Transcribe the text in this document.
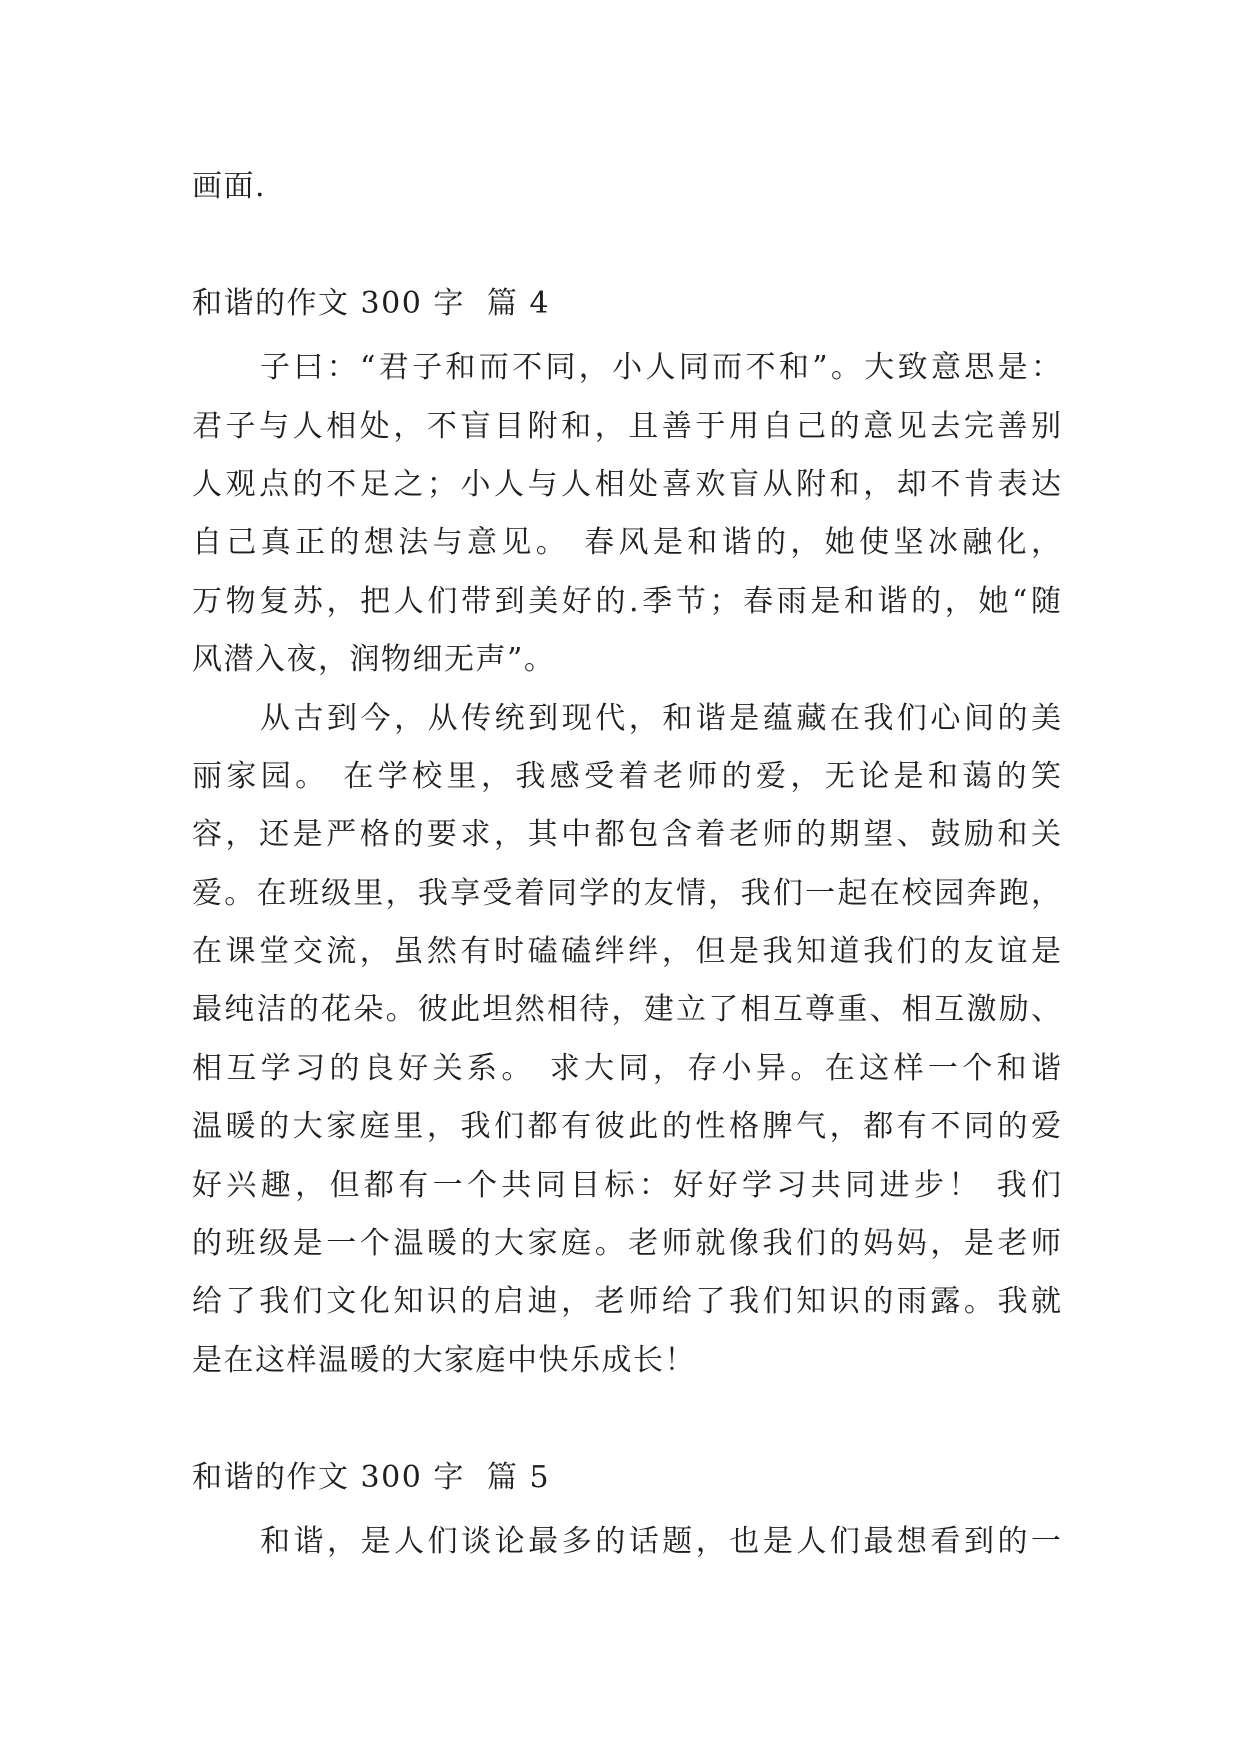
画面.
和谐的作文 300 字  篇 4
子曰：“君子和而不同，小人同而不和”。大致意思是：
君子与人相处，不盲目附和，且善于用自己的意见去完善别
人观点的不足之；小人与人相处喜欢盲从附和，却不肯表达
自己真正的想法与意见。 春风是和谐的，她使坚冰融化，
万物复苏，把人们带到美好的.季节；春雨是和谐的，她“随
风潜入夜，润物细无声”。
从古到今，从传统到现代，和谐是蕴藏在我们心间的美
丽家园。 在学校里，我感受着老师的爱，无论是和蔼的笑
容，还是严格的要求，其中都包含着老师的期望、鼓励和关
爱。在班级里，我享受着同学的友情，我们一起在校园奔跑，
在课堂交流，虽然有时磕磕绊绊，但是我知道我们的友谊是
最纯洁的花朵。彼此坦然相待，建立了相互尊重、相互激励、
相互学习的良好关系。 求大同，存小异。在这样一个和谐
温暖的大家庭里，我们都有彼此的性格脾气，都有不同的爱
好兴趣，但都有一个共同目标：好好学习共同进步！ 我们
的班级是一个温暖的大家庭。老师就像我们的妈妈，是老师
给了我们文化知识的启迪，老师给了我们知识的雨露。我就
是在这样温暖的大家庭中快乐成长！
和谐的作文 300 字  篇 5
和谐，是人们谈论最多的话题，也是人们最想看到的一
